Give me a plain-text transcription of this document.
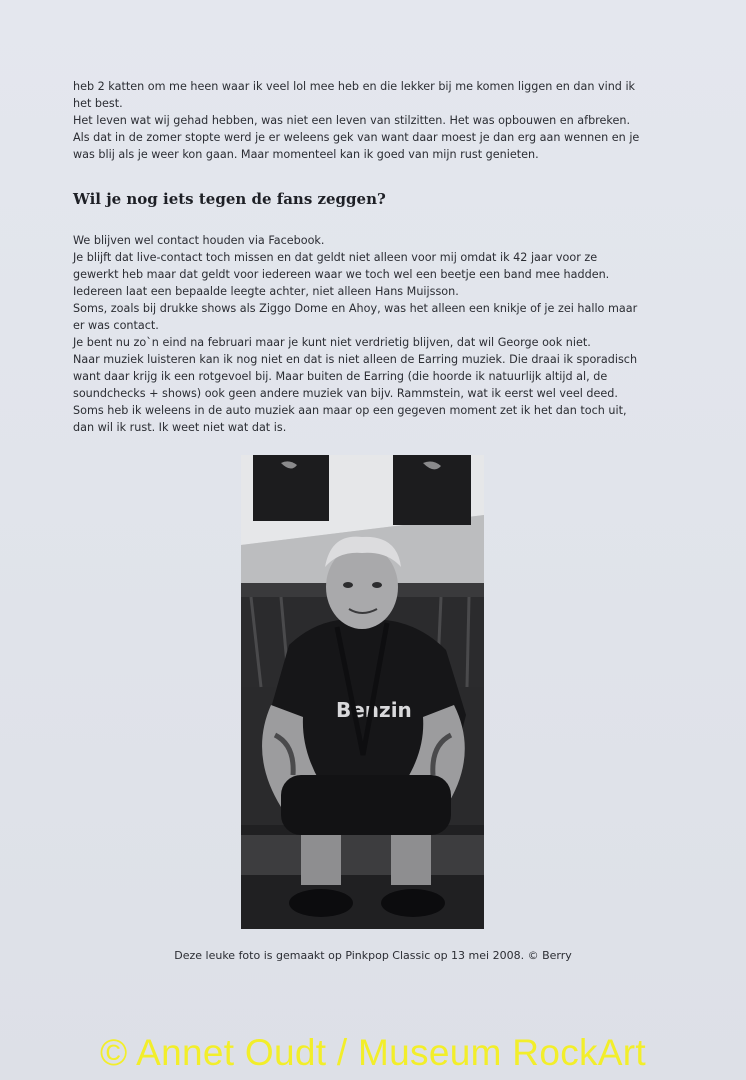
heb 2 katten om me heen waar ik veel lol mee heb en die lekker bij me komen liggen en dan vind ik

het best.

Het leven wat wij gehad hebben, was niet een leven van stilzitten. Het was opbouwen en afbreken.

Als dat in de zomer stopte werd je er weleens gek van want daar moest je dan erg aan wennen en je

was blij als je weer kon gaan. Maar momenteel kan ik goed van mijn rust genieten.

Wil je nog iets tegen de fans zeggen?

We blijven wel contact houden via Facebook.

Je blijft dat live-contact toch missen en dat geldt niet alleen voor mij omdat ik 42 jaar voor ze

gewerkt heb maar dat geldt voor iedereen waar we toch wel een beetje een band mee hadden.

Iedereen laat een bepaalde leegte achter, niet alleen Hans Muijsson.

Soms, zoals bij drukke shows als Ziggo Dome en Ahoy, was het alleen een knikje of je zei hallo maar

er was contact.

Je bent nu zo`n eind na februari maar je kunt niet verdrietig blijven, dat wil George ook niet.

Naar muziek luisteren kan ik nog niet en dat is niet alleen de Earring muziek. Die draai ik sporadisch

want daar krijg ik een rotgevoel bij. Maar buiten de Earring (die hoorde ik natuurlijk altijd al, de

soundchecks + shows) ook geen andere muziek van bijv. Rammstein, wat ik eerst wel veel deed.

Soms heb ik weleens in de auto muziek aan maar op een gegeven moment zet ik het dan toch uit,

dan wil ik rust. Ik weet niet wat dat is.

Benzin
Deze leuke foto is gemaakt op Pinkpop Classic op 13 mei 2008. © Berry
© Annet Oudt / Museum RockArt
